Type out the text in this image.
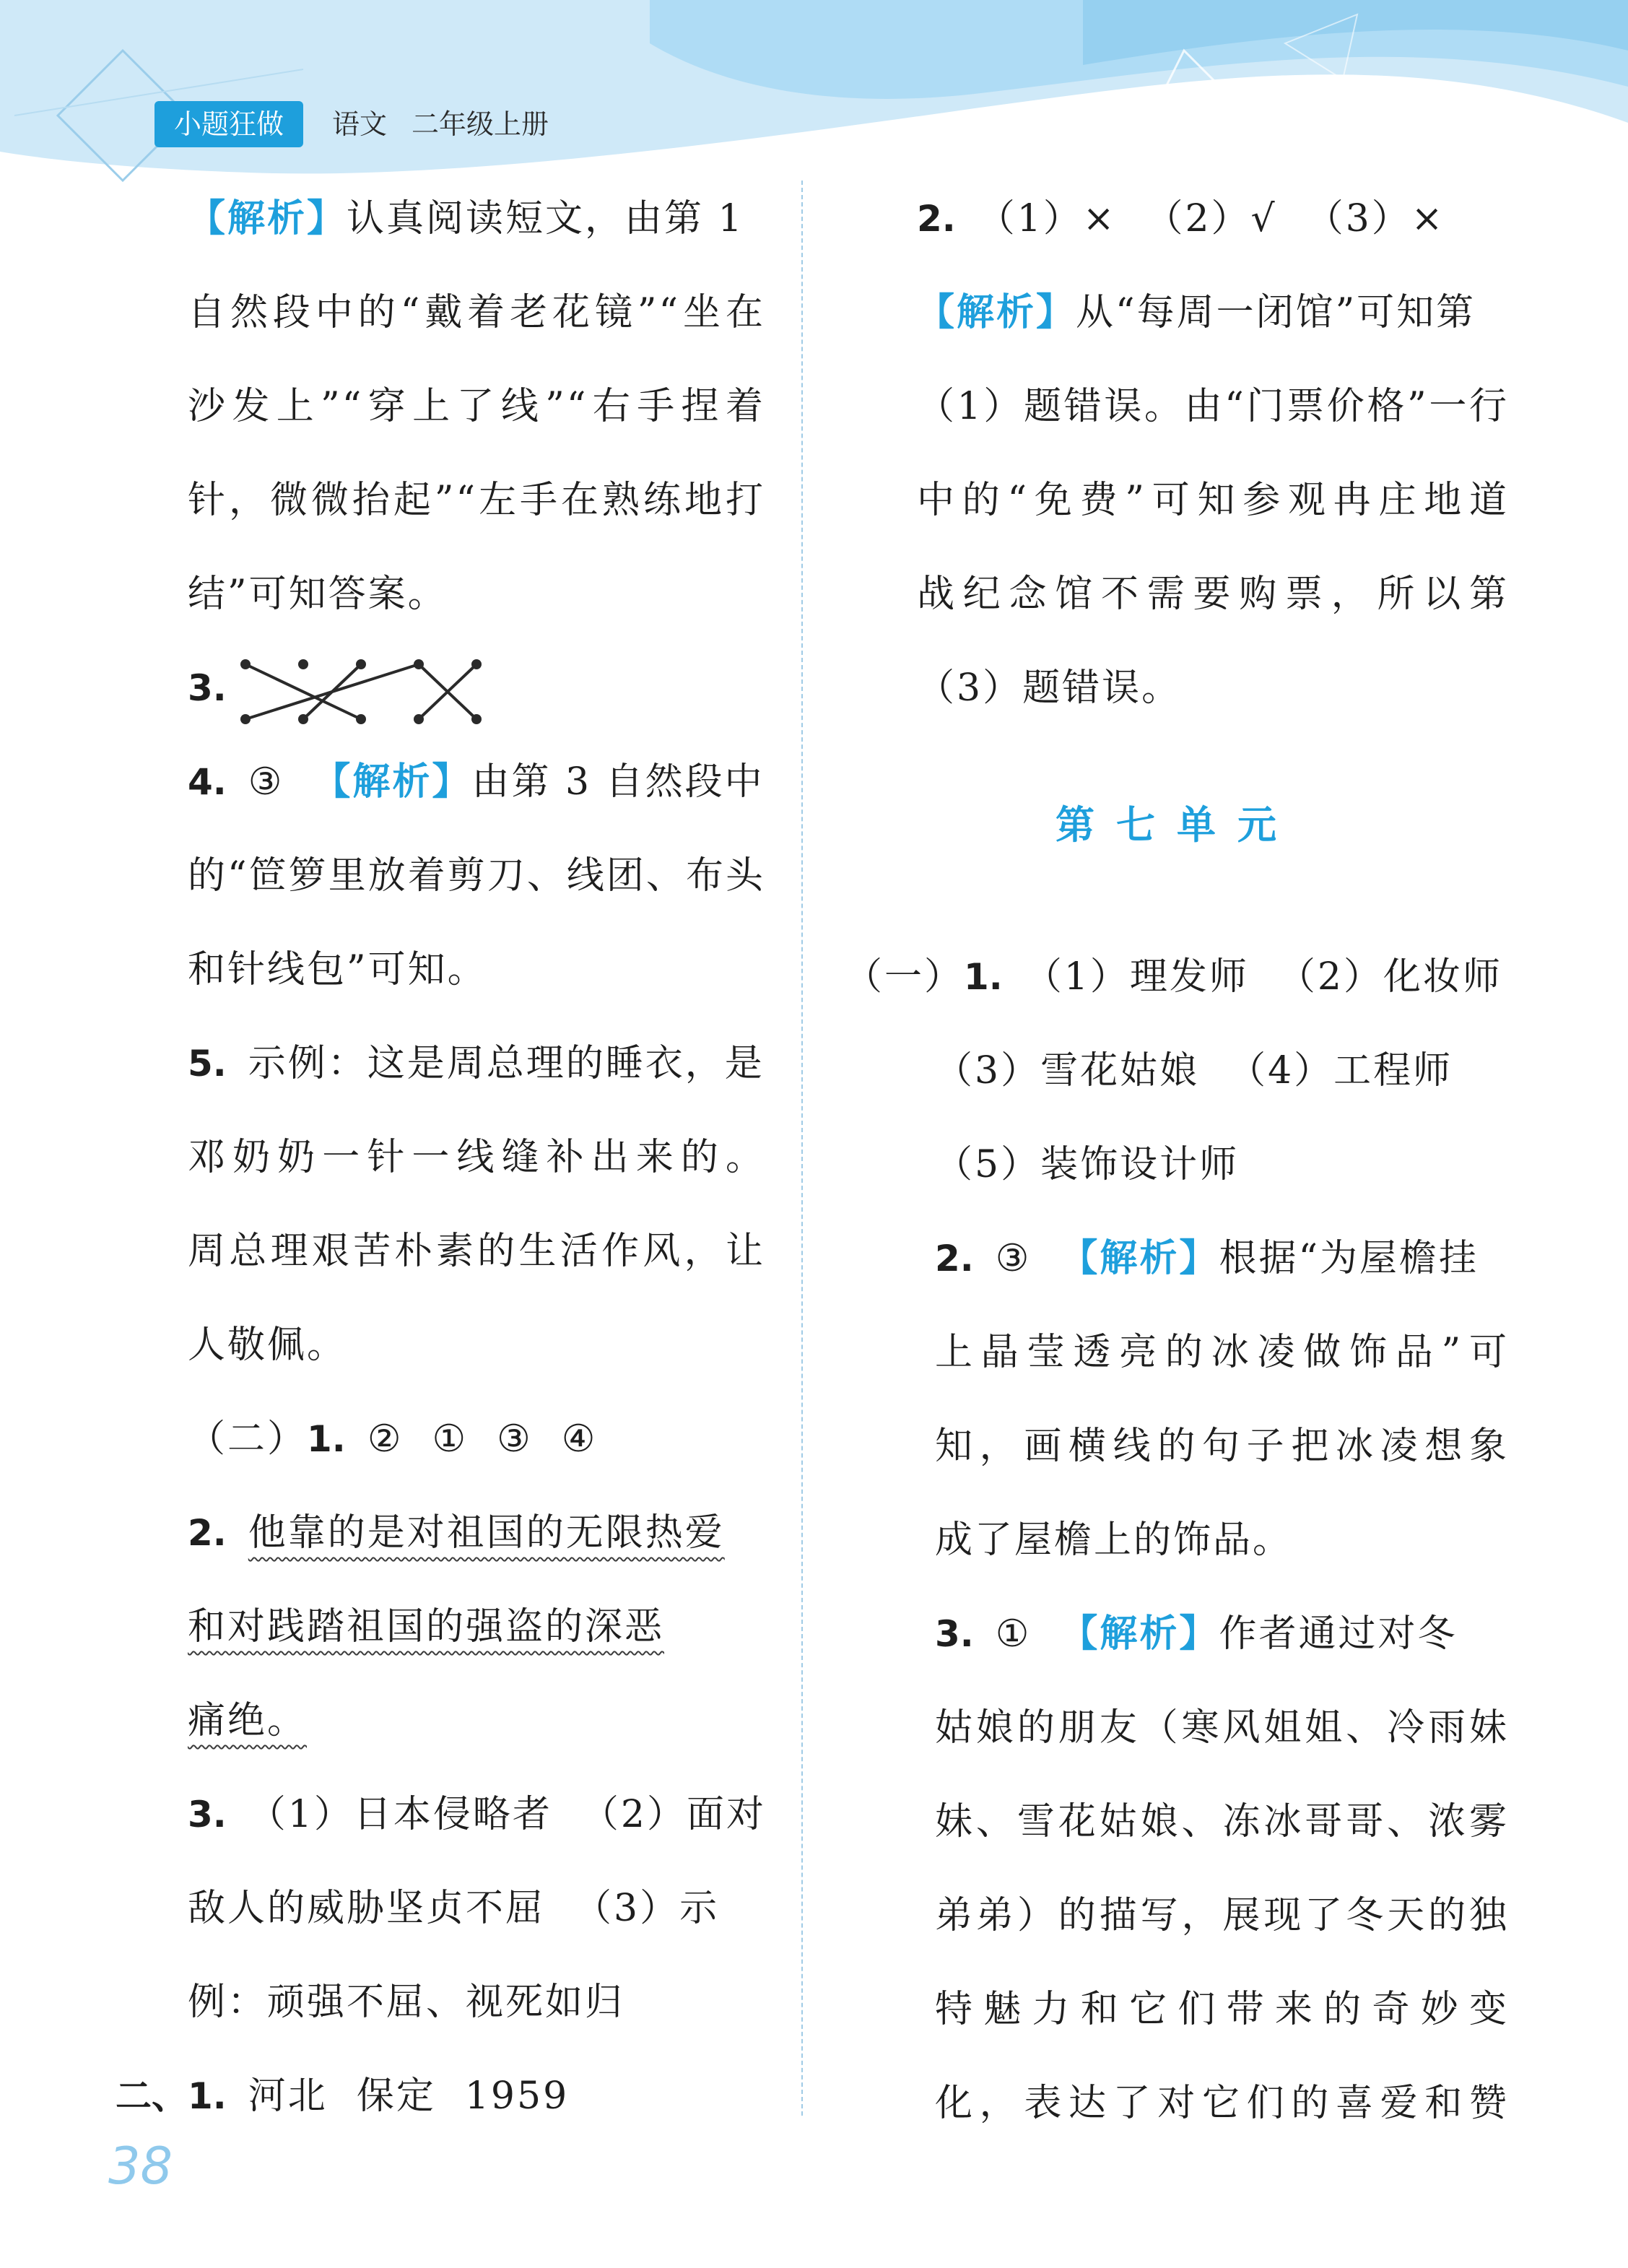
小题狂做	语文 二年级上册
【解析】认真阅读短文，由第 1
自然段中的“戴着老花镜”“坐在
沙发上”“穿上了线”“右手捏着
针，微微抬起”“左手在熟练地打
结”可知答案。
3.
4. ③ 【解析】由第 3 自然段中
的“笸箩里放着剪刀、线团、布头
和针线包”可知。
5. 示例：这是周总理的睡衣，是
邓奶奶一针一线缝补出来的。
周总理艰苦朴素的生活作风，让
人敬佩。
（二）1. ② ① ③ ④
2. 他靠的是对祖国的无限热爱
和对践踏祖国的强盗的深恶
痛绝。
3. （1）日本侵略者 （2）面对
敌人的威胁坚贞不屈 （3）示
例：顽强不屈、视死如归
二、1. 河北 保定 1959
2. （1）× （2）√ （3）×
【解析】从“每周一闭馆”可知第
（1）题错误。由“门票价格”一行
中的“免费”可知参观冉庄地道
战纪念馆不需要购票，所以第
（3）题错误。
（一）1. （1）理发师 （2）化妆师
（3）雪花姑娘 （4）工程师
（5）装饰设计师
2. ③ 【解析】根据“为屋檐挂
上晶莹透亮的冰凌做饰品”可
知，画横线的句子把冰凌想象
成了屋檐上的饰品。
3. ① 【解析】作者通过对冬
姑娘的朋友（寒风姐姐、冷雨妹
妹、雪花姑娘、冻冰哥哥、浓雾
弟弟）的描写，展现了冬天的独
特魅力和它们带来的奇妙变
化，表达了对它们的喜爱和赞
第七单元
38
